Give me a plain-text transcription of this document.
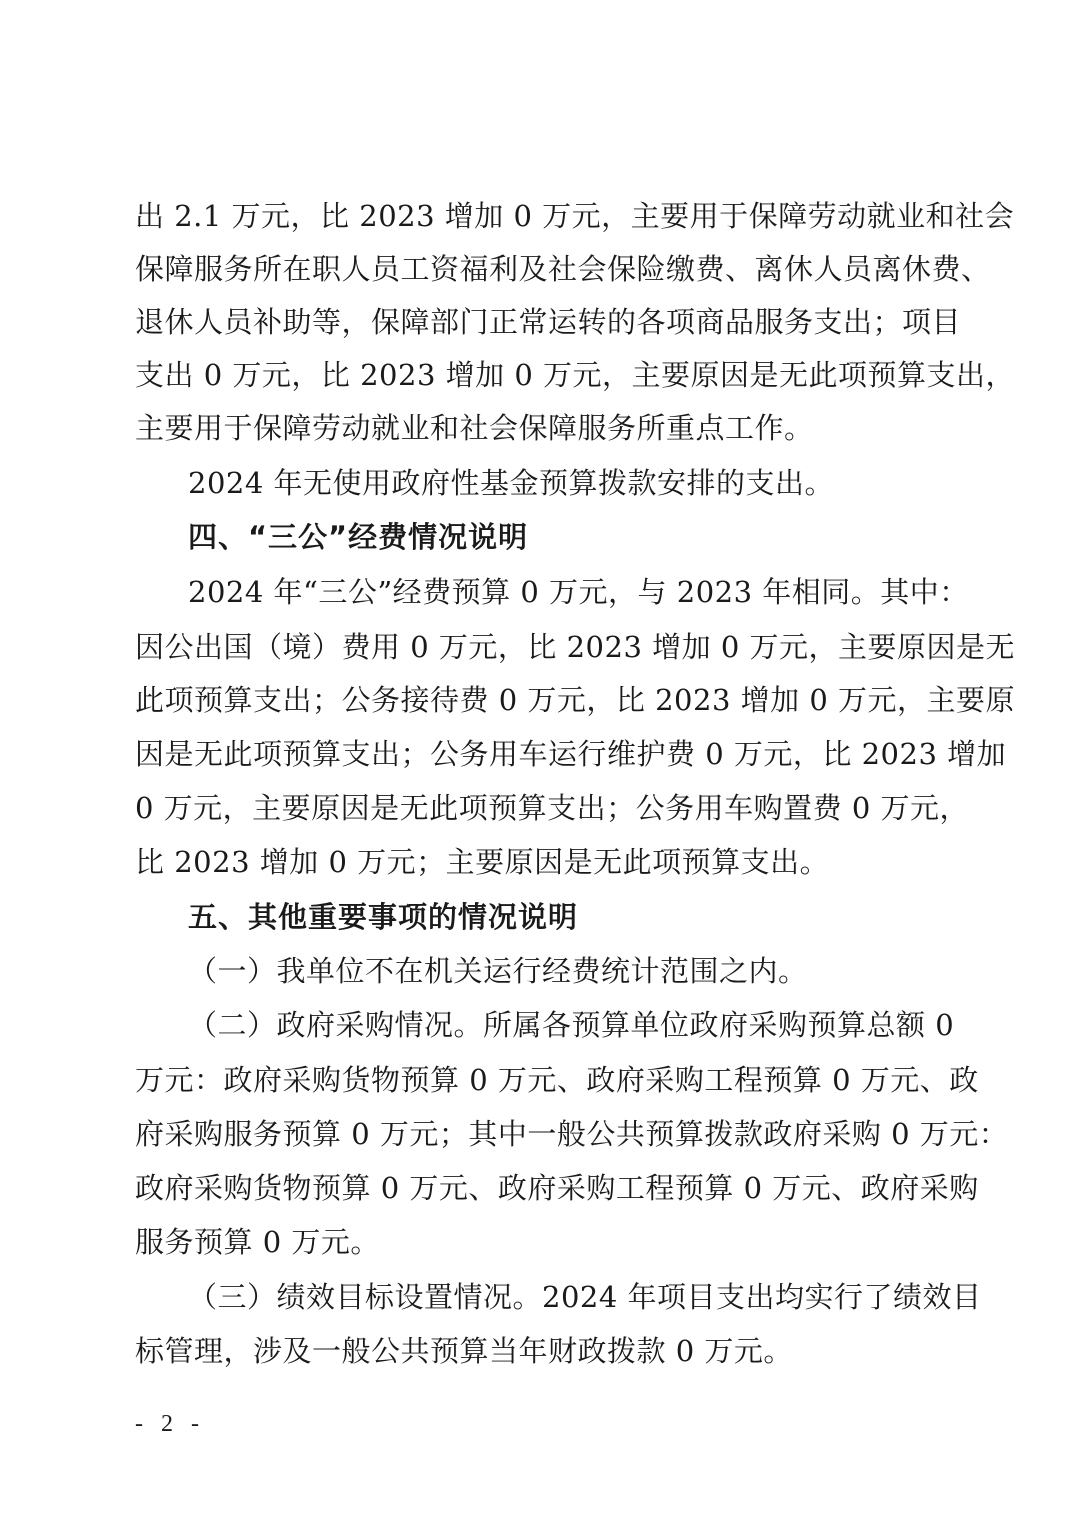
出 2.1 万元，比 2023 增加 0 万元，主要用于保障劳动就业和社会
保障服务所在职人员工资福利及社会保险缴费、离休人员离休费、
退休人员补助等，保障部门正常运转的各项商品服务支出；项目
支出 0 万元，比 2023 增加 0 万元，主要原因是无此项预算支出，
主要用于保障劳动就业和社会保障服务所重点工作。
2024 年无使用政府性基金预算拨款安排的支出。
四、“三公”经费情况说明
2024 年“三公”经费预算 0 万元，与 2023 年相同。其中：
因公出国（境）费用 0 万元，比 2023 增加 0 万元，主要原因是无
此项预算支出；公务接待费 0 万元，比 2023 增加 0 万元，主要原
因是无此项预算支出；公务用车运行维护费 0 万元，比 2023 增加
0 万元，主要原因是无此项预算支出；公务用车购置费 0 万元，
比 2023 增加 0 万元；主要原因是无此项预算支出。
五、其他重要事项的情况说明
（一）我单位不在机关运行经费统计范围之内。
（二）政府采购情况。所属各预算单位政府采购预算总额 0
万元：政府采购货物预算 0 万元、政府采购工程预算 0 万元、政
府采购服务预算 0 万元；其中一般公共预算拨款政府采购 0 万元：
政府采购货物预算 0 万元、政府采购工程预算 0 万元、政府采购
服务预算 0 万元。
（三）绩效目标设置情况。2024 年项目支出均实行了绩效目
标管理，涉及一般公共预算当年财政拨款 0 万元。
- 2 -
